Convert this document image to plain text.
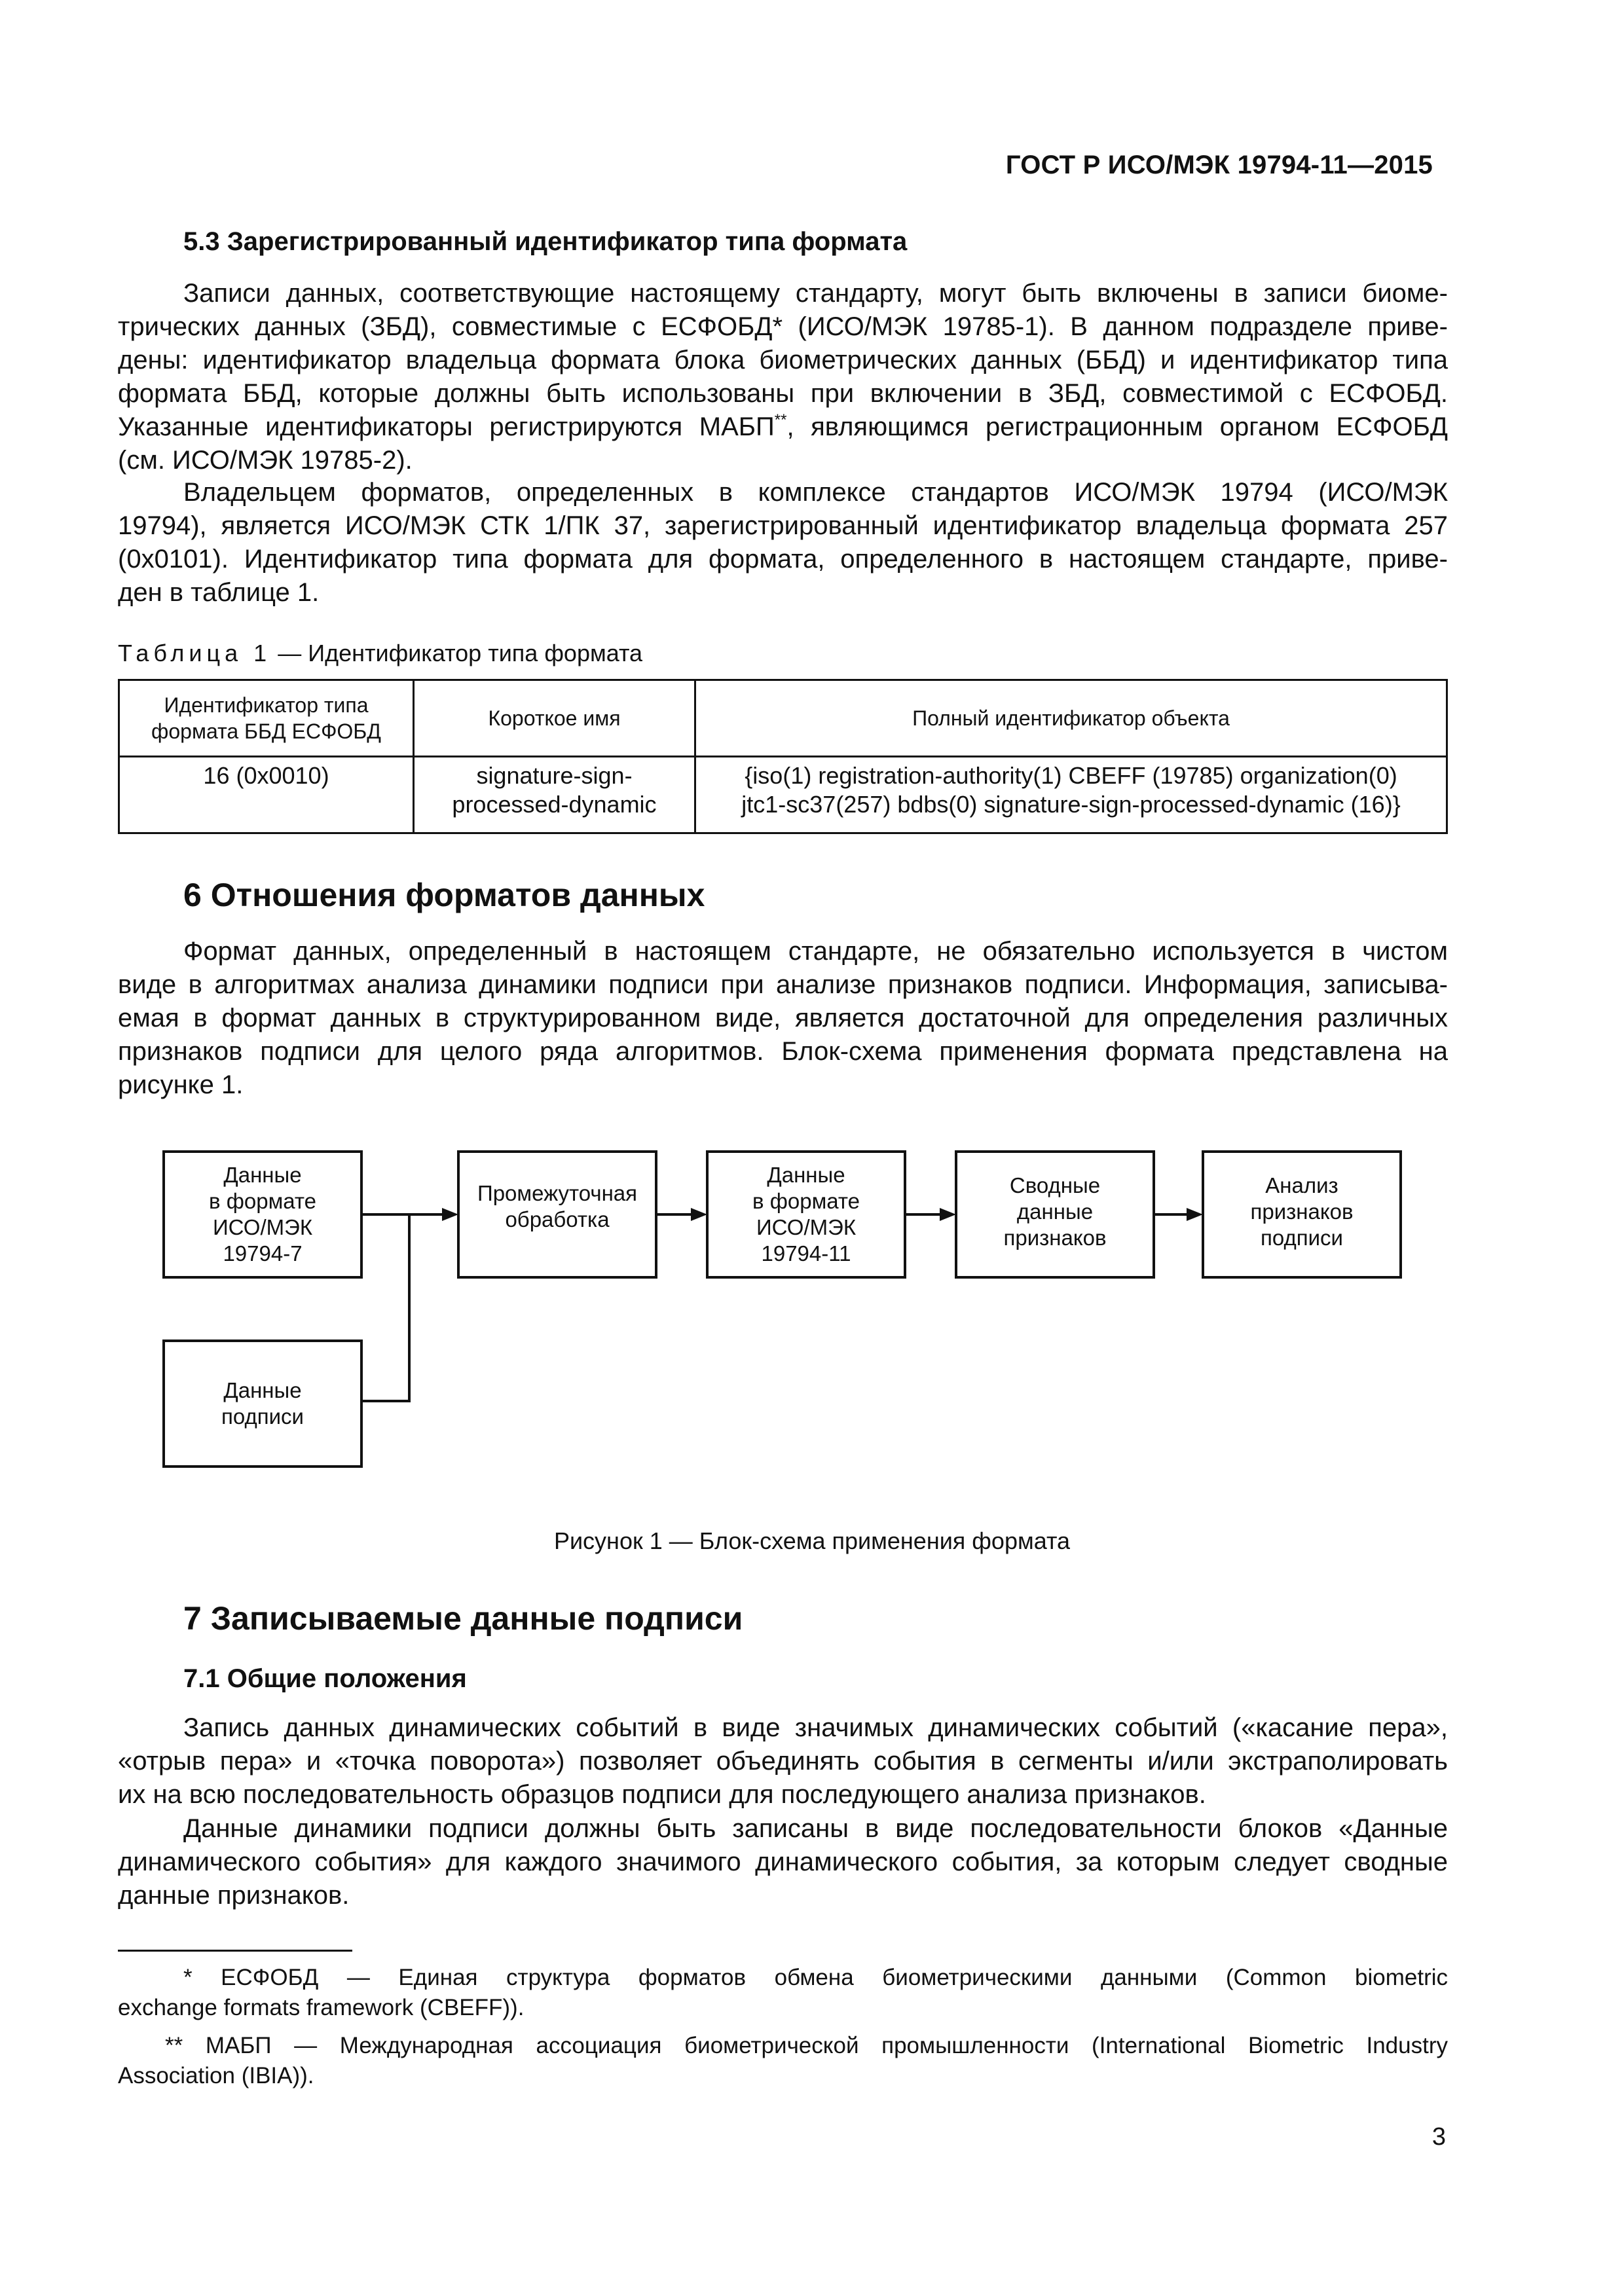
ГОСТ Р ИСО/МЭК 19794-11—2015
5.3 Зарегистрированный идентификатор типа формата
Записи данных, соответствующие настоящему стандарту, могут быть включены в записи биоме-
трических данных (ЗБД), совместимые с ЕСФОБД* (ИСО/МЭК 19785-1). В данном подразделе приве-
дены: идентификатор владельца формата блока биометрических данных (ББД) и идентификатор типа
формата ББД, которые должны быть использованы при включении в ЗБД, совместимой с ЕСФОБД.
Указанные идентификаторы регистрируются МАБП**, являющимся регистрационным органом ЕСФОБД
(см. ИСО/МЭК 19785-2).
Владельцем форматов, определенных в комплексе стандартов ИСО/МЭК 19794 (ИСО/МЭК
19794), является ИСО/МЭК СТК 1/ПК 37, зарегистрированный идентификатор владельца формата 257
(0x0101). Идентификатор типа формата для формата, определенного в настоящем стандарте, приве-
ден в таблице 1.
Таблица 1 — Идентификатор типа формата
Идентификатор типа
формата ББД ЕСФОБД	Короткое имя	Полный идентификатор объекта
16 (0x0010)	signature-sign-
processed-dynamic	{iso(1) registration-authority(1) CBEFF (19785) organization(0)
jtc1-sc37(257) bdbs(0) signature-sign-processed-dynamic (16)}
6 Отношения форматов данных
Формат данных, определенный в настоящем стандарте, не обязательно используется в чистом
виде в алгоритмах анализа динамики подписи при анализе признаков подписи. Информация, записыва-
емая в формат данных в структурированном виде, является достаточной для определения различных
признаков подписи для целого ряда алгоритмов. Блок-схема применения формата представлена на
рисунке 1.
Данные
в формате
ИСО/МЭК
19794-7
Промежуточная
обработка
Данные
в формате
ИСО/МЭК
19794-11
Сводные
данные
признаков
Анализ
признаков
подписи
Данные
подписи
Рисунок 1 — Блок-схема применения формата
7 Записываемые данные подписи
7.1 Общие положения
Запись данных динамических событий в виде значимых динамических событий («касание пера»,
«отрыв пера» и «точка поворота») позволяет объединять события в сегменты и/или экстраполировать
их на всю последовательность образцов подписи для последующего анализа признаков.
Данные динамики подписи должны быть записаны в виде последовательности блоков «Данные
динамического события» для каждого значимого динамического события, за которым следует сводные
данные признаков.
* ЕСФОБД — Единая структура форматов обмена биометрическими данными (Common biometric
exchange formats framework (CBEFF)).
** МАБП — Международная ассоциация биометрической промышленности (International Biometric Industry
Association (IBIA)).
3
